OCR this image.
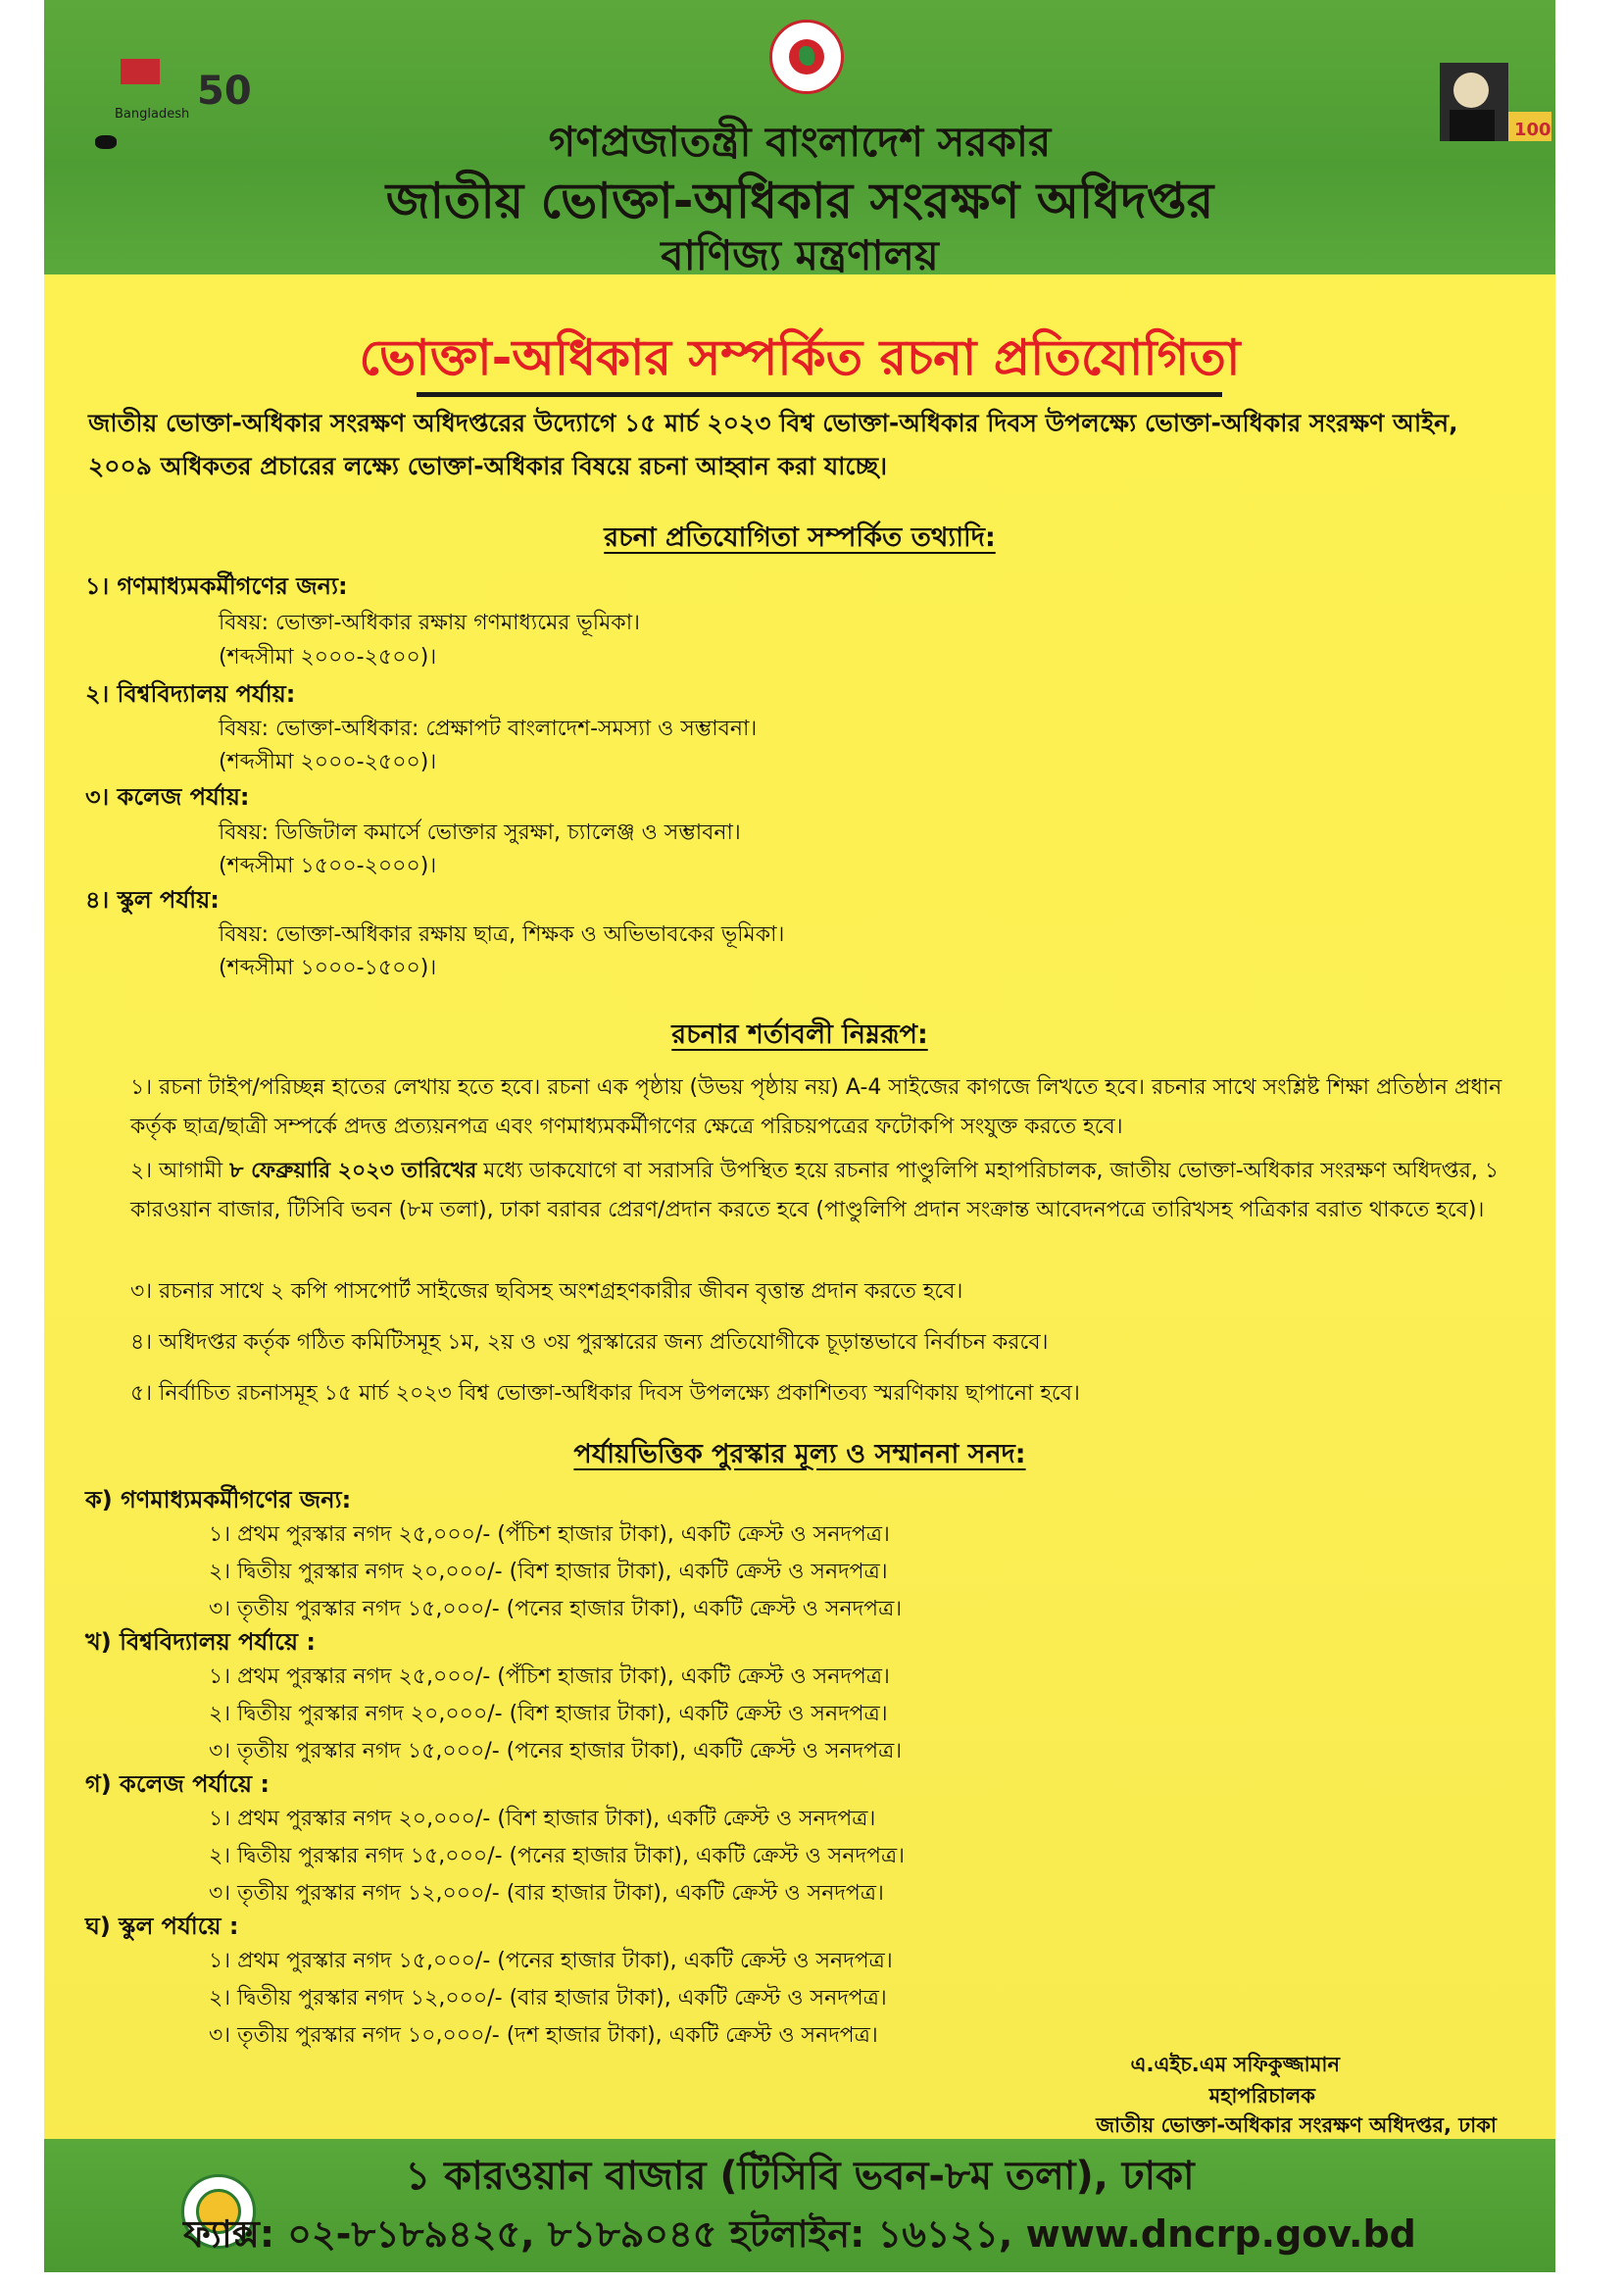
50
Bangladesh
100
গণপ্রজাতন্ত্রী বাংলাদেশ সরকার
জাতীয় ভোক্তা-অধিকার সংরক্ষণ অধিদপ্তর
বাণিজ্য মন্ত্রণালয়
ভোক্তা-অধিকার সম্পর্কিত রচনা প্রতিযোগিতা
জাতীয় ভোক্তা-অধিকার সংরক্ষণ অধিদপ্তরের উদ্যোগে ১৫ মার্চ ২০২৩ বিশ্ব ভোক্তা-অধিকার দিবস উপলক্ষ্যে ভোক্তা-অধিকার সংরক্ষণ আইন, ২০০৯ অধিকতর প্রচারের লক্ষ্যে ভোক্তা-অধিকার বিষয়ে রচনা আহ্বান করা যাচ্ছে।
রচনা প্রতিযোগিতা সম্পর্কিত তথ্যাদি:
১। গণমাধ্যমকর্মীগণের জন্য:
বিষয়: ভোক্তা-অধিকার রক্ষায় গণমাধ্যমের ভূমিকা।
(শব্দসীমা ২০০০-২৫০০)।
২। বিশ্ববিদ্যালয় পর্যায়:
বিষয়: ভোক্তা-অধিকার: প্রেক্ষাপট বাংলাদেশ-সমস্যা ও সম্ভাবনা।
(শব্দসীমা ২০০০-২৫০০)।
৩। কলেজ পর্যায়:
বিষয়: ডিজিটাল কমার্সে ভোক্তার সুরক্ষা, চ্যালেঞ্জ ও সম্ভাবনা।
(শব্দসীমা ১৫০০-২০০০)।
৪। স্কুল পর্যায়:
বিষয়: ভোক্তা-অধিকার রক্ষায় ছাত্র, শিক্ষক ও অভিভাবকের ভূমিকা।
(শব্দসীমা ১০০০-১৫০০)।
রচনার শর্তাবলী নিম্নরূপ:
১। রচনা টাইপ/পরিচ্ছন্ন হাতের লেখায় হতে হবে। রচনা এক পৃষ্ঠায় (উভয় পৃষ্ঠায় নয়) A-4 সাইজের কাগজে লিখতে হবে। রচনার সাথে সংশ্লিষ্ট শিক্ষা প্রতিষ্ঠান প্রধান কর্তৃক ছাত্র/ছাত্রী সম্পর্কে প্রদত্ত প্রত্যয়নপত্র এবং গণমাধ্যমকর্মীগণের ক্ষেত্রে পরিচয়পত্রের ফটোকপি সংযুক্ত করতে হবে।
২। আগামী ৮ ফেব্রুয়ারি ২০২৩ তারিখের মধ্যে ডাকযোগে বা সরাসরি উপস্থিত হয়ে রচনার পাণ্ডুলিপি মহাপরিচালক, জাতীয় ভোক্তা-অধিকার সংরক্ষণ অধিদপ্তর, ১ কারওয়ান বাজার, টিসিবি ভবন (৮ম তলা), ঢাকা বরাবর প্রেরণ/প্রদান করতে হবে (পাণ্ডুলিপি প্রদান সংক্রান্ত আবেদনপত্রে তারিখসহ পত্রিকার বরাত থাকতে হবে)।
৩। রচনার সাথে ২ কপি পাসপোর্ট সাইজের ছবিসহ অংশগ্রহণকারীর জীবন বৃত্তান্ত প্রদান করতে হবে।
৪। অধিদপ্তর কর্তৃক গঠিত কমিটিসমূহ ১ম, ২য় ও ৩য় পুরস্কারের জন্য প্রতিযোগীকে চূড়ান্তভাবে নির্বাচন করবে।
৫। নির্বাচিত রচনাসমূহ ১৫ মার্চ ২০২৩ বিশ্ব ভোক্তা-অধিকার দিবস উপলক্ষ্যে প্রকাশিতব্য স্মরণিকায় ছাপানো হবে।
পর্যায়ভিত্তিক পুরস্কার মূল্য ও সম্মাননা সনদ:
ক) গণমাধ্যমকর্মীগণের জন্য:
১। প্রথম পুরস্কার নগদ ২৫,০০০/- (পঁচিশ হাজার টাকা), একটি ক্রেস্ট ও সনদপত্র।
২। দ্বিতীয় পুরস্কার নগদ ২০,০০০/- (বিশ হাজার টাকা), একটি ক্রেস্ট ও সনদপত্র।
৩। তৃতীয় পুরস্কার নগদ ১৫,০০০/- (পনের হাজার টাকা), একটি ক্রেস্ট ও সনদপত্র।
খ) বিশ্ববিদ্যালয় পর্যায়ে :
১। প্রথম পুরস্কার নগদ ২৫,০০০/- (পঁচিশ হাজার টাকা), একটি ক্রেস্ট ও সনদপত্র।
২। দ্বিতীয় পুরস্কার নগদ ২০,০০০/- (বিশ হাজার টাকা), একটি ক্রেস্ট ও সনদপত্র।
৩। তৃতীয় পুরস্কার নগদ ১৫,০০০/- (পনের হাজার টাকা), একটি ক্রেস্ট ও সনদপত্র।
গ) কলেজ পর্যায়ে :
১। প্রথম পুরস্কার নগদ ২০,০০০/- (বিশ হাজার টাকা), একটি ক্রেস্ট ও সনদপত্র।
২। দ্বিতীয় পুরস্কার নগদ ১৫,০০০/- (পনের হাজার টাকা), একটি ক্রেস্ট ও সনদপত্র।
৩। তৃতীয় পুরস্কার নগদ ১২,০০০/- (বার হাজার টাকা), একটি ক্রেস্ট ও সনদপত্র।
ঘ) স্কুল পর্যায়ে :
১। প্রথম পুরস্কার নগদ ১৫,০০০/- (পনের হাজার টাকা), একটি ক্রেস্ট ও সনদপত্র।
২। দ্বিতীয় পুরস্কার নগদ ১২,০০০/- (বার হাজার টাকা), একটি ক্রেস্ট ও সনদপত্র।
৩। তৃতীয় পুরস্কার নগদ ১০,০০০/- (দশ হাজার টাকা), একটি ক্রেস্ট ও সনদপত্র।
এ.এইচ.এম সফিকুজ্জামান
মহাপরিচালক
জাতীয় ভোক্তা-অধিকার সংরক্ষণ অধিদপ্তর, ঢাকা
১ কারওয়ান বাজার (টিসিবি ভবন-৮ম তলা), ঢাকা
ফ্যাক্স: ০২-৮১৮৯৪২৫, ৮১৮৯০৪৫ হটলাইন: ১৬১২১, www.dncrp.gov.bd
